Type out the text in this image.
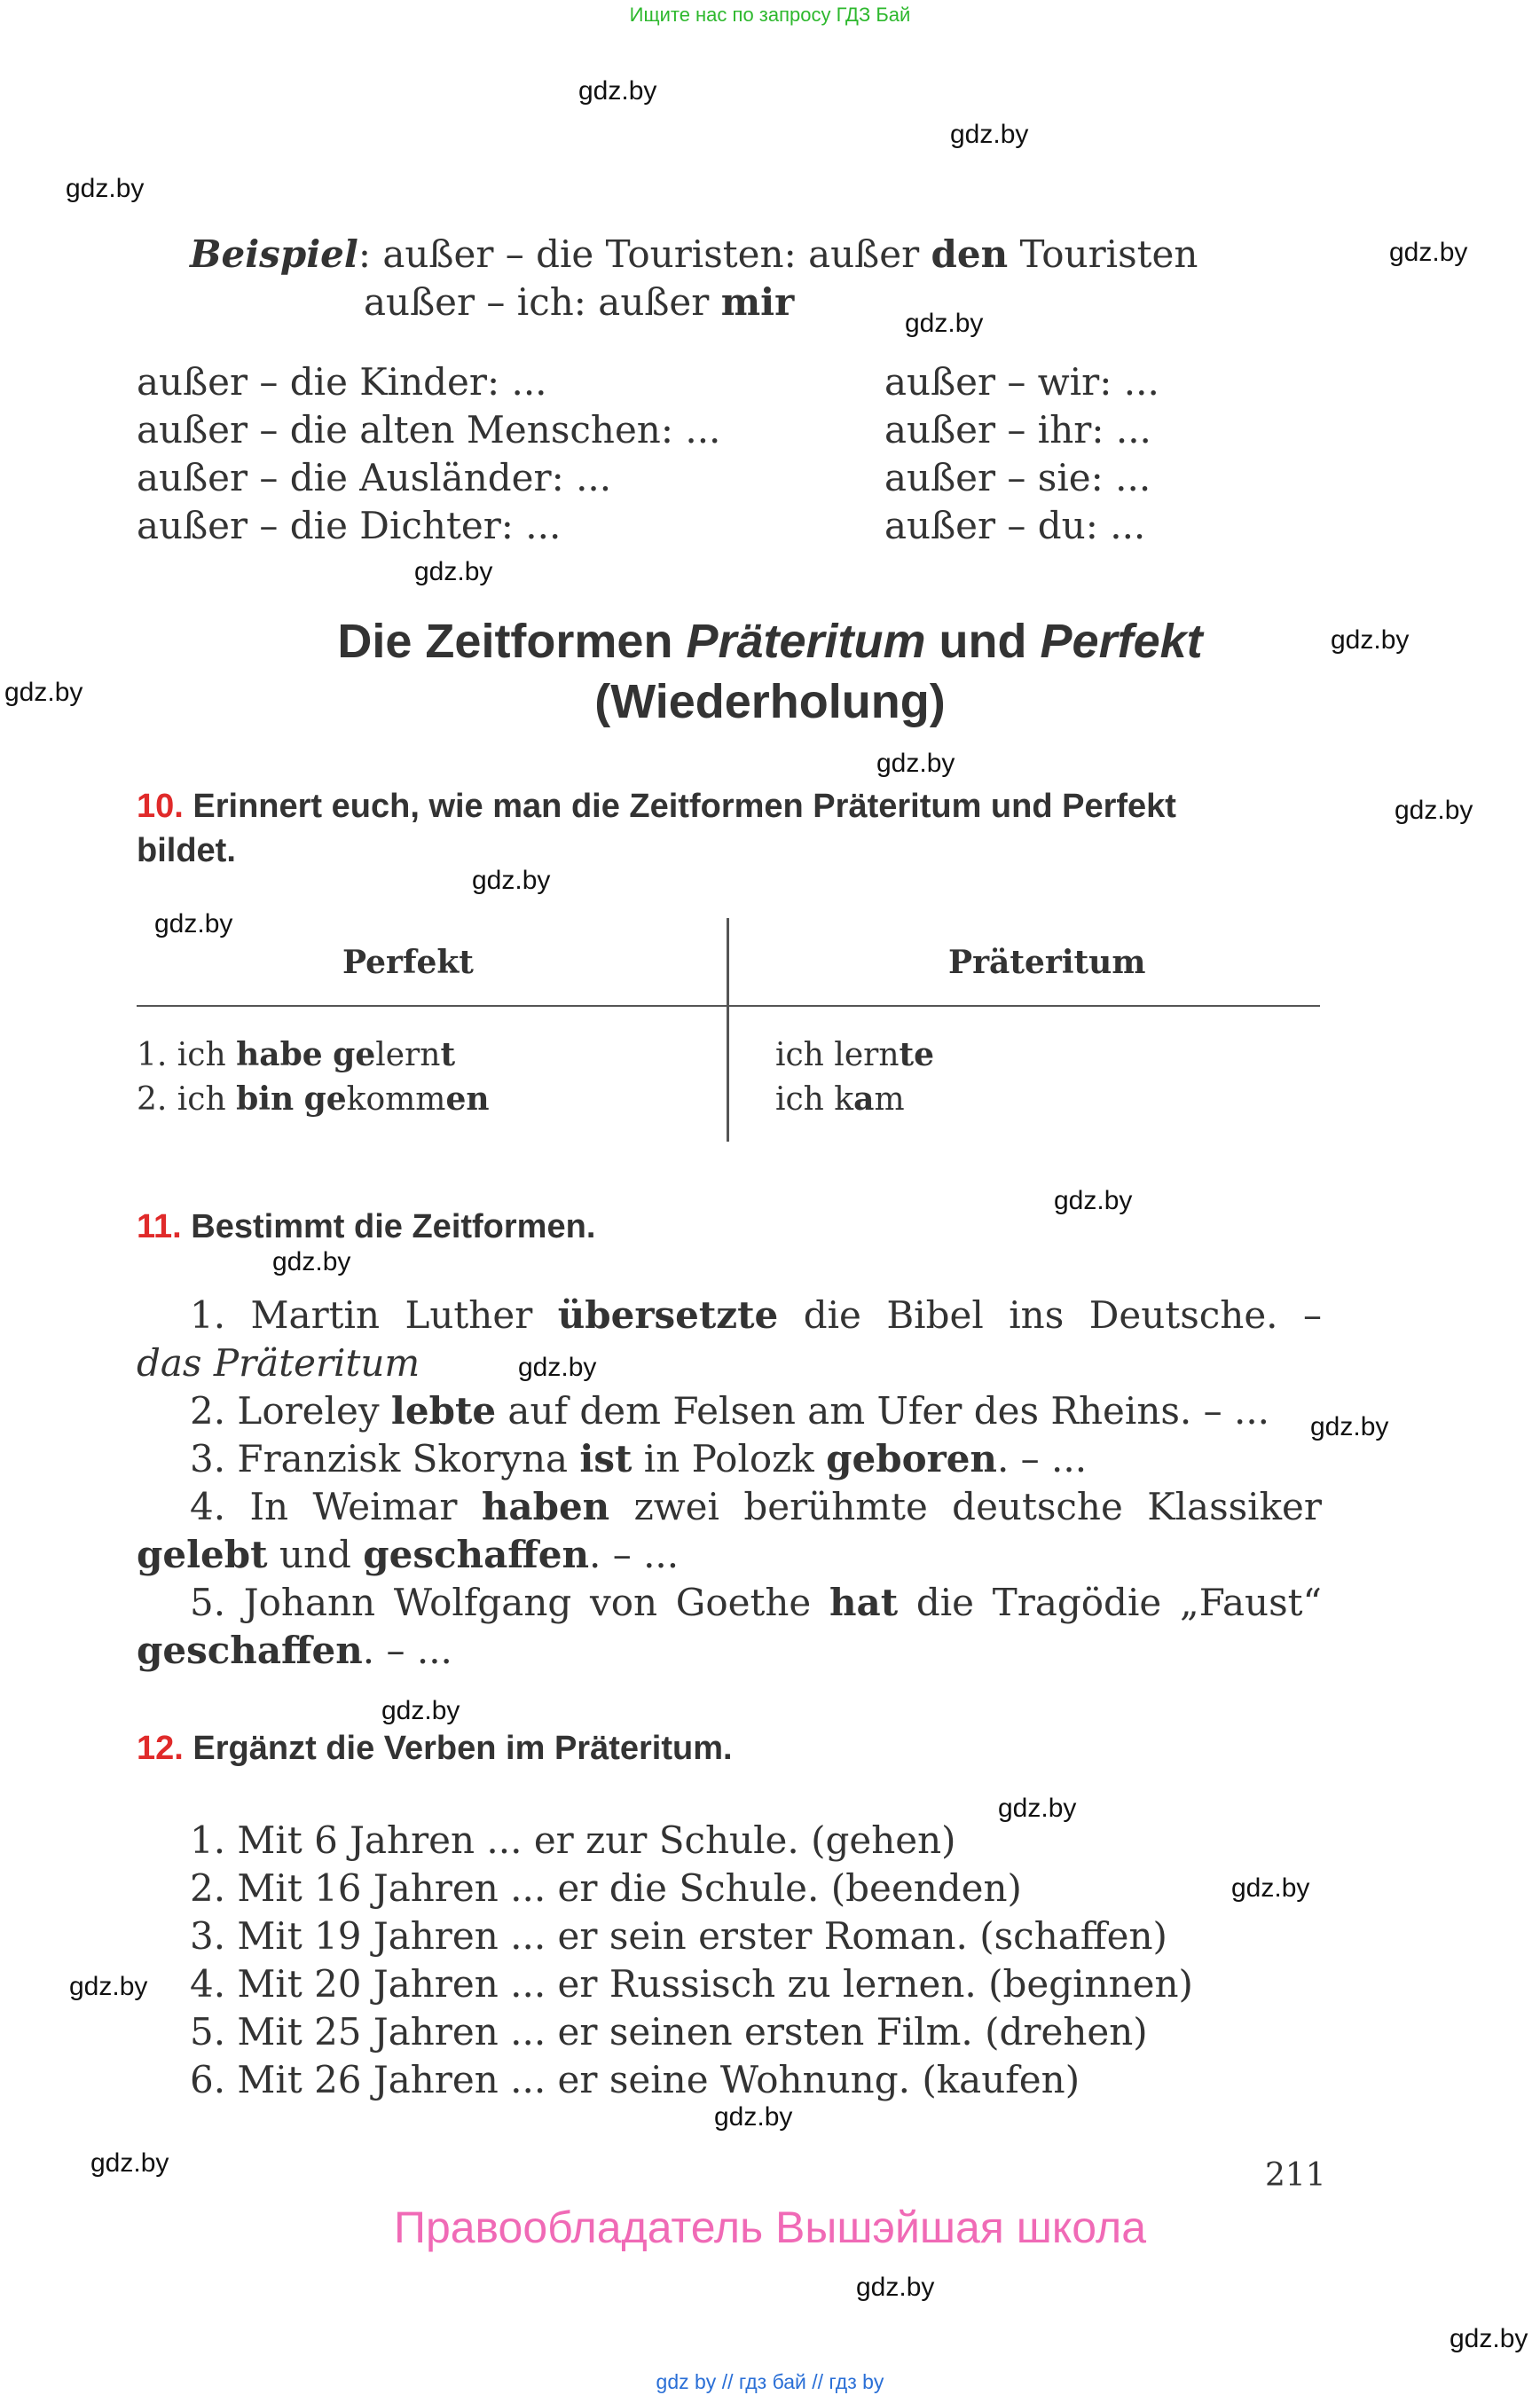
Ищите нас по запросу ГДЗ Бай
gdz.by
gdz.by
gdz.by
gdz.by
gdz.by
gdz.by
gdz.by
gdz.by
gdz.by
gdz.by
gdz.by
gdz.by
gdz.by
gdz.by
gdz.by
gdz.by
gdz.by
gdz.by
gdz.by
gdz.by
gdz.by
gdz.by
gdz.by
gdz.by
Beispiel: außer – die Touristen: außer den Touristen
außer – ich: außer mir
außer – die Kinder: ...
außer – die alten Menschen: ...
außer – die Ausländer: ...
außer – die Dichter: ...
außer – wir: ...
außer – ihr: ...
außer – sie: ...
außer – du: ...
Die Zeitformen Präteritum und Perfekt
(Wiederholung)
10. Erinnert euch, wie man die Zeitformen Präteritum und Perfekt
bildet.
Perfekt	Präteritum
1. ich habe gelernt
2. ich bin gekommen
ich lernte
ich kam
11. Bestimmt die Zeitformen.
1. Martin Luther übersetzte die Bibel ins Deutsche. –
das Präteritum
2. Loreley lebte auf dem Felsen am Ufer des Rheins. – ...
3. Franzisk Skoryna ist in Polozk geboren. – ...
4. In Weimar haben zwei berühmte deutsche Klassiker
gelebt und geschaffen. – ...
5. Johann Wolfgang von Goethe hat die Tragödie „Faust“
geschaffen. – ...
12. Ergänzt die Verben im Präteritum.
1. Mit 6 Jahren ... er zur Schule. (gehen)
2. Mit 16 Jahren ... er die Schule. (beenden)
3. Mit 19 Jahren ... er sein erster Roman. (schaffen)
4. Mit 20 Jahren ... er Russisch zu lernen. (beginnen)
5. Mit 25 Jahren ... er seinen ersten Film. (drehen)
6. Mit 26 Jahren ... er seine Wohnung. (kaufen)
211
Правообладатель Вышэйшая школа
gdz by // гдз бай // гдз by
